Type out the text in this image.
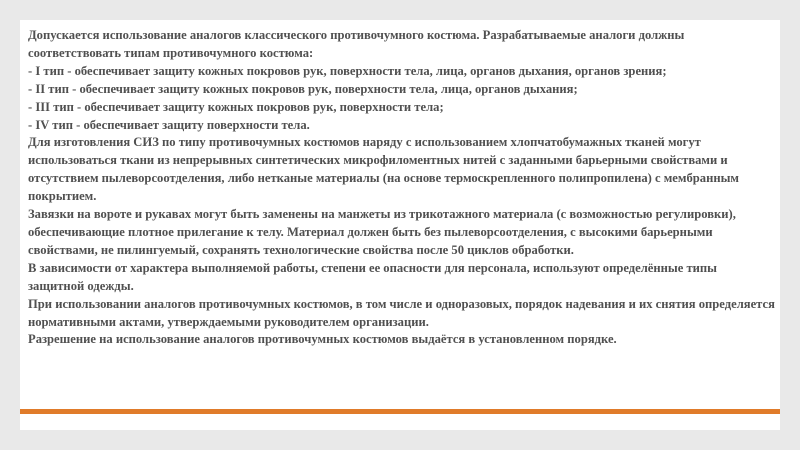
Допускается использование аналогов классического противочумного костюма. Разрабатываемые аналоги должны соответствовать типам противочумного костюма:

- I тип - обеспечивает защиту кожных покровов рук, поверхности тела, лица, органов дыхания, органов зрения;

- II тип - обеспечивает защиту кожных покровов рук, поверхности тела, лица, органов дыхания;

- III тип - обеспечивает защиту кожных покровов рук, поверхности тела;

- IV тип - обеспечивает защиту поверхности тела.

Для изготовления СИЗ по типу противочумных костюмов наряду с использованием хлопчатобумажных тканей могут использоваться ткани из непрерывных синтетических микрофиломентных нитей с заданными барьерными свойствами и отсутствием пылеворсоотделения, либо нетканые материалы (на основе термоскрепленного полипропилена) с мембранным покрытием.

Завязки на вороте и рукавах могут быть заменены на манжеты из трикотажного материала (с возможностью регулировки), обеспечивающие плотное прилегание к телу. Материал должен быть без пылеворсоотделения, с высокими барьерными свойствами, не пилингуемый, сохранять технологические свойства после 50 циклов обработки.

В зависимости от характера выполняемой работы, степени ее опасности для персонала, используют определённые типы защитной одежды.

При использовании аналогов противочумных костюмов, в том числе и одноразовых, порядок надевания и их снятия определяется нормативными актами, утверждаемыми руководителем организации.

Разрешение на использование аналогов противочумных костюмов выдаётся в установленном порядке.
